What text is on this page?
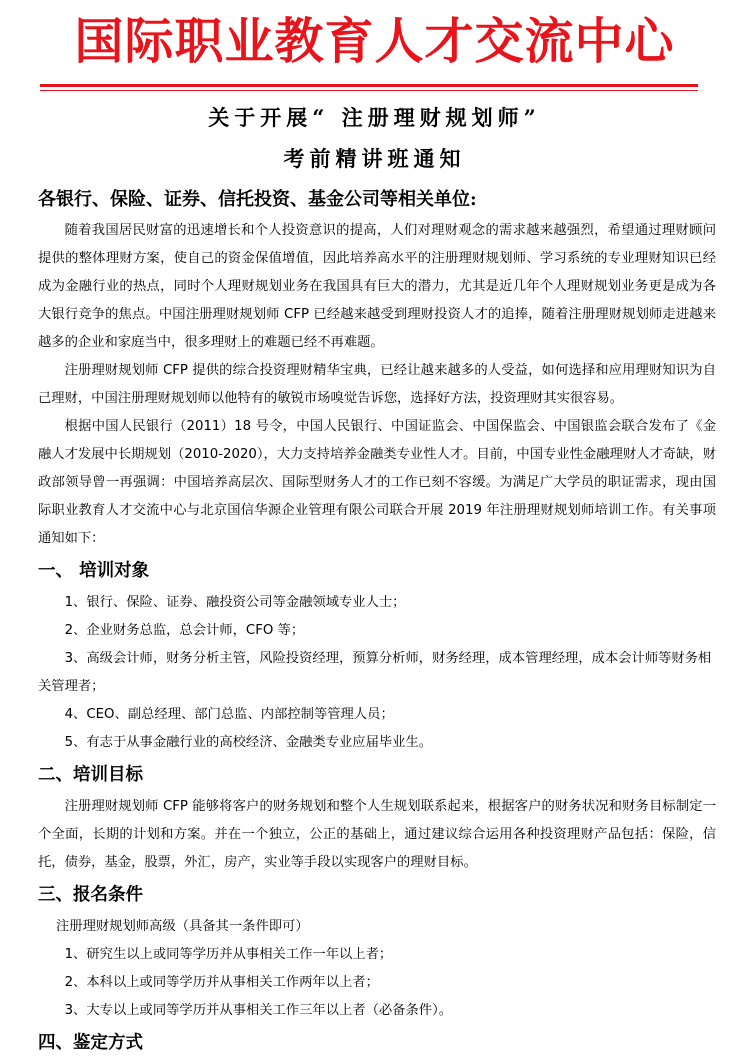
国际职业教育人才交流中心
关于开展“ 注册理财规划师”
考前精讲班通知

各银行、保险、证券、信托投资、基金公司等相关单位:

随着我国居民财富的迅速增长和个人投资意识的提高，人们对理财观念的需求越来越强烈，希望通过理财顾问提供的整体理财方案，使自己的资金保值增值，因此培养高水平的注册理财规划师、学习系统的专业理财知识已经成为金融行业的热点，同时个人理财规划业务在我国具有巨大的潜力，尤其是近几年个人理财规划业务更是成为各大银行竞争的焦点。中国注册理财规划师 CFP 已经越来越受到理财投资人才的追捧，随着注册理财规划师走进越来越多的企业和家庭当中，很多理财上的难题已经不再难题。

注册理财规划师 CFP 提供的综合投资理财精华宝典，已经让越来越多的人受益，如何选择和应用理财知识为自己理财，中国注册理财规划师以他特有的敏锐市场嗅觉告诉您，选择好方法，投资理财其实很容易。

根据中国人民银行（2011）18 号令，中国人民银行、中国证监会、中国保监会、中国银监会联合发布了《金融人才发展中长期规划（2010-2020），大力支持培养金融类专业性人才。目前，中国专业性金融理财人才奇缺，财政部领导曾一再强调：中国培养高层次、国际型财务人才的工作已刻不容缓。为满足广大学员的职证需求，现由国际职业教育人才交流中心与北京国信华源企业管理有限公司联合开展 2019 年注册理财规划师培训工作。有关事项通知如下：

一、 培训对象

1、银行、保险、证券、融投资公司等金融领域专业人士；

2、企业财务总监，总会计师，CFO 等；

3、高级会计师，财务分析主管，风险投资经理，预算分析师，财务经理，成本管理经理，成本会计师等财务相关管理者；

4、CEO、副总经理、部门总监、内部控制等管理人员；

5、有志于从事金融行业的高校经济、金融类专业应届毕业生。

二、培训目标

注册理财规划师 CFP 能够将客户的财务规划和整个人生规划联系起来，根据客户的财务状况和财务目标制定一个全面，长期的计划和方案。并在一个独立，公正的基础上，通过建议综合运用各种投资理财产品包括：保险，信托，债券，基金，股票，外汇，房产，实业等手段以实现客户的理财目标。

三、报名条件

注册理财规划师高级（具备其一条件即可）

1、研究生以上或同等学历并从事相关工作一年以上者；

2、本科以上或同等学历并从事相关工作两年以上者；

3、大专以上或同等学历并从事相关工作三年以上者（必备条件）。

四、鉴定方式
